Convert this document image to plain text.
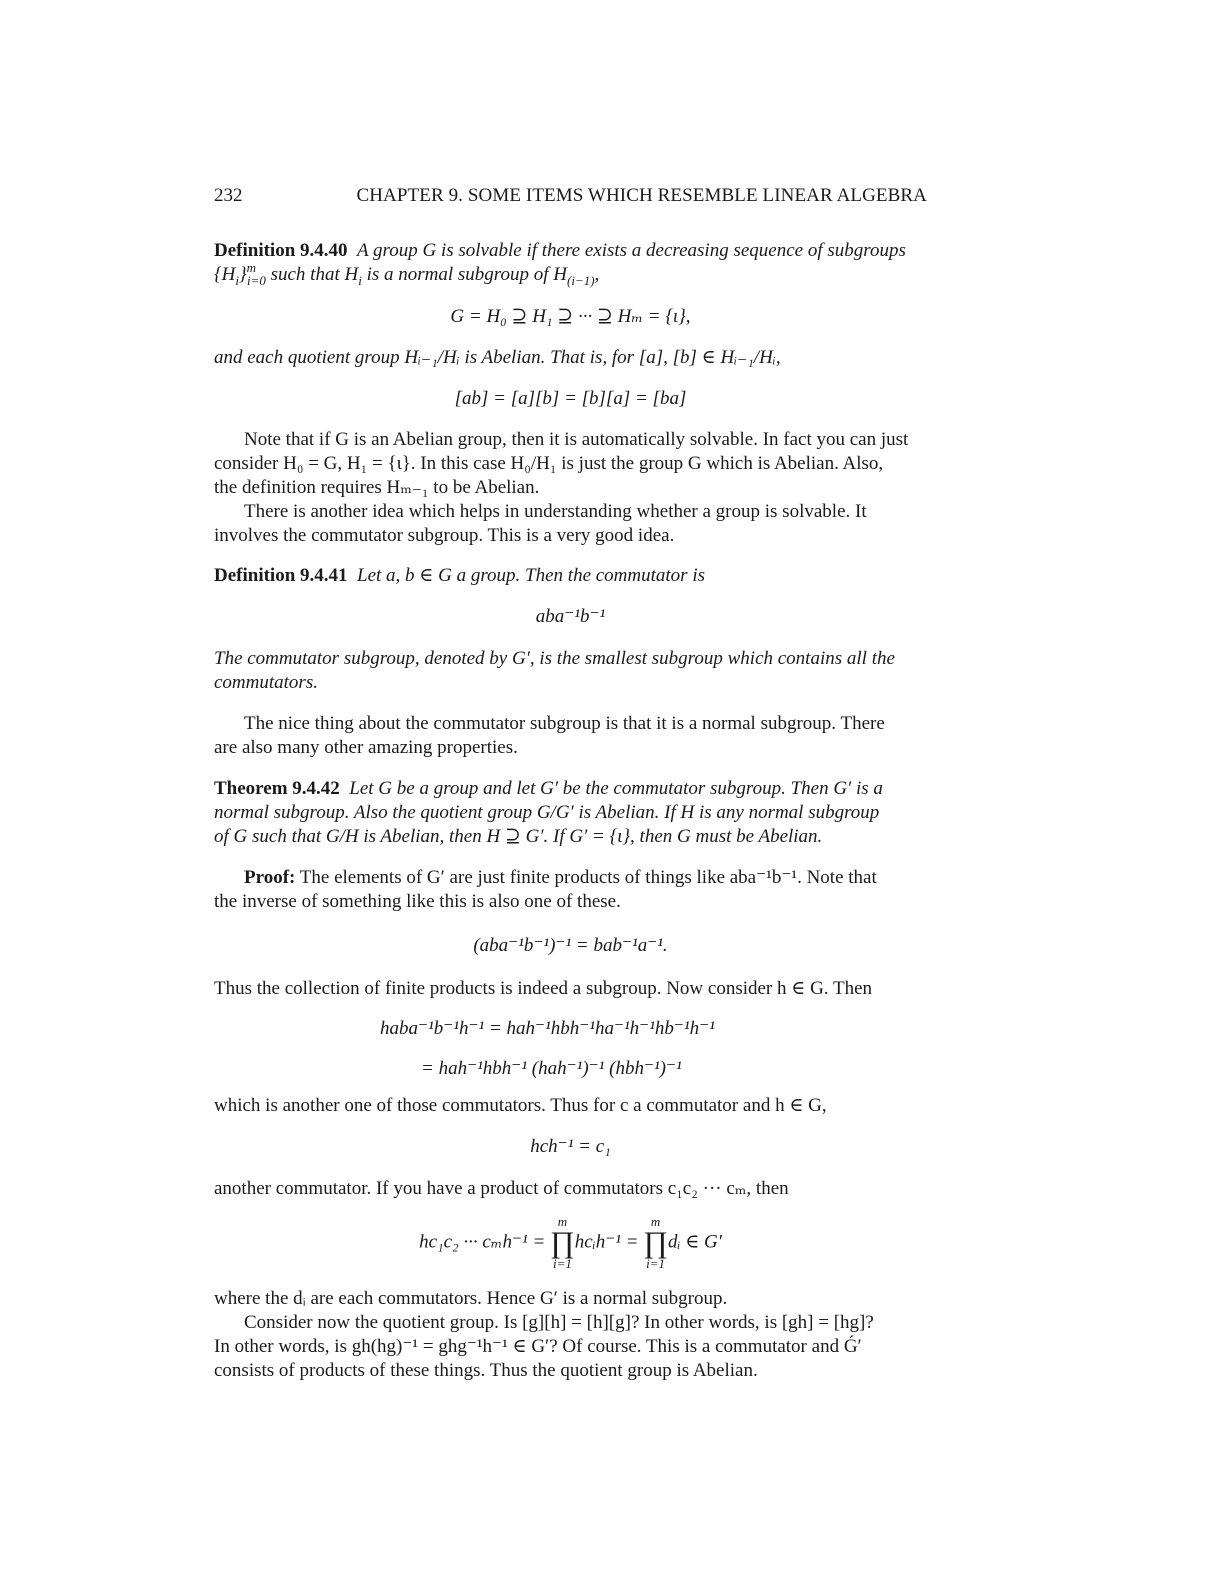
232	CHAPTER 9. SOME ITEMS WHICH RESEMBLE LINEAR ALGEBRA
Definition 9.4.40 A group G is solvable if there exists a decreasing sequence of subgroups
$\{H_i\}^m_{i=0}$ such that $H_i$ is a normal subgroup of $H_{(i-1)}$,
G = H₀ ⊇ H₁ ⊇ ··· ⊇ Hₘ = {ι},
and each quotient group Hᵢ₋₁/Hᵢ is Abelian. That is, for [a], [b] ∈ Hᵢ₋₁/Hᵢ,
[ab] = [a][b] = [b][a] = [ba]
Note that if G is an Abelian group, then it is automatically solvable. In fact you can just
consider H₀ = G, H₁ = {ι}. In this case H₀/H₁ is just the group G which is Abelian. Also,
the definition requires Hₘ₋₁ to be Abelian.
There is another idea which helps in understanding whether a group is solvable. It
involves the commutator subgroup. This is a very good idea.
Definition 9.4.41 Let a, b ∈ G a group. Then the commutator is
aba⁻¹b⁻¹
The commutator subgroup, denoted by G′, is the smallest subgroup which contains all the
commutators.
The nice thing about the commutator subgroup is that it is a normal subgroup. There
are also many other amazing properties.
Theorem 9.4.42 Let G be a group and let G′ be the commutator subgroup. Then G′ is a
normal subgroup. Also the quotient group G/G′ is Abelian. If H is any normal subgroup
of G such that G/H is Abelian, then H ⊇ G′. If G′ = {ι}, then G must be Abelian.
Proof: The elements of G′ are just finite products of things like aba⁻¹b⁻¹. Note that
the inverse of something like this is also one of these.
(aba⁻¹b⁻¹)⁻¹ = bab⁻¹a⁻¹.
Thus the collection of finite products is indeed a subgroup. Now consider h ∈ G. Then
haba⁻¹b⁻¹h⁻¹ = hah⁻¹hbh⁻¹ha⁻¹h⁻¹hb⁻¹h⁻¹
= hah⁻¹hbh⁻¹ (hah⁻¹)⁻¹ (hbh⁻¹)⁻¹
which is another one of those commutators. Thus for c a commutator and h ∈ G,
hch⁻¹ = c₁
another commutator. If you have a product of commutators c₁c₂ ··· cₘ, then
hc₁c₂ ··· cₘh⁻¹ =
m
∏
i=1
hcᵢh⁻¹ =
m
∏
i=1
dᵢ ∈ G′
where the dᵢ are each commutators. Hence G′ is a normal subgroup.
Consider now the quotient group. Is [g][h] = [h][g]? In other words, is [gh] = [hg]?
In other words, is gh(hg)⁻¹ = ghg⁻¹h⁻¹ ∈ G′? Of course. This is a commutator and Ǵ′
consists of products of these things. Thus the quotient group is Abelian.
